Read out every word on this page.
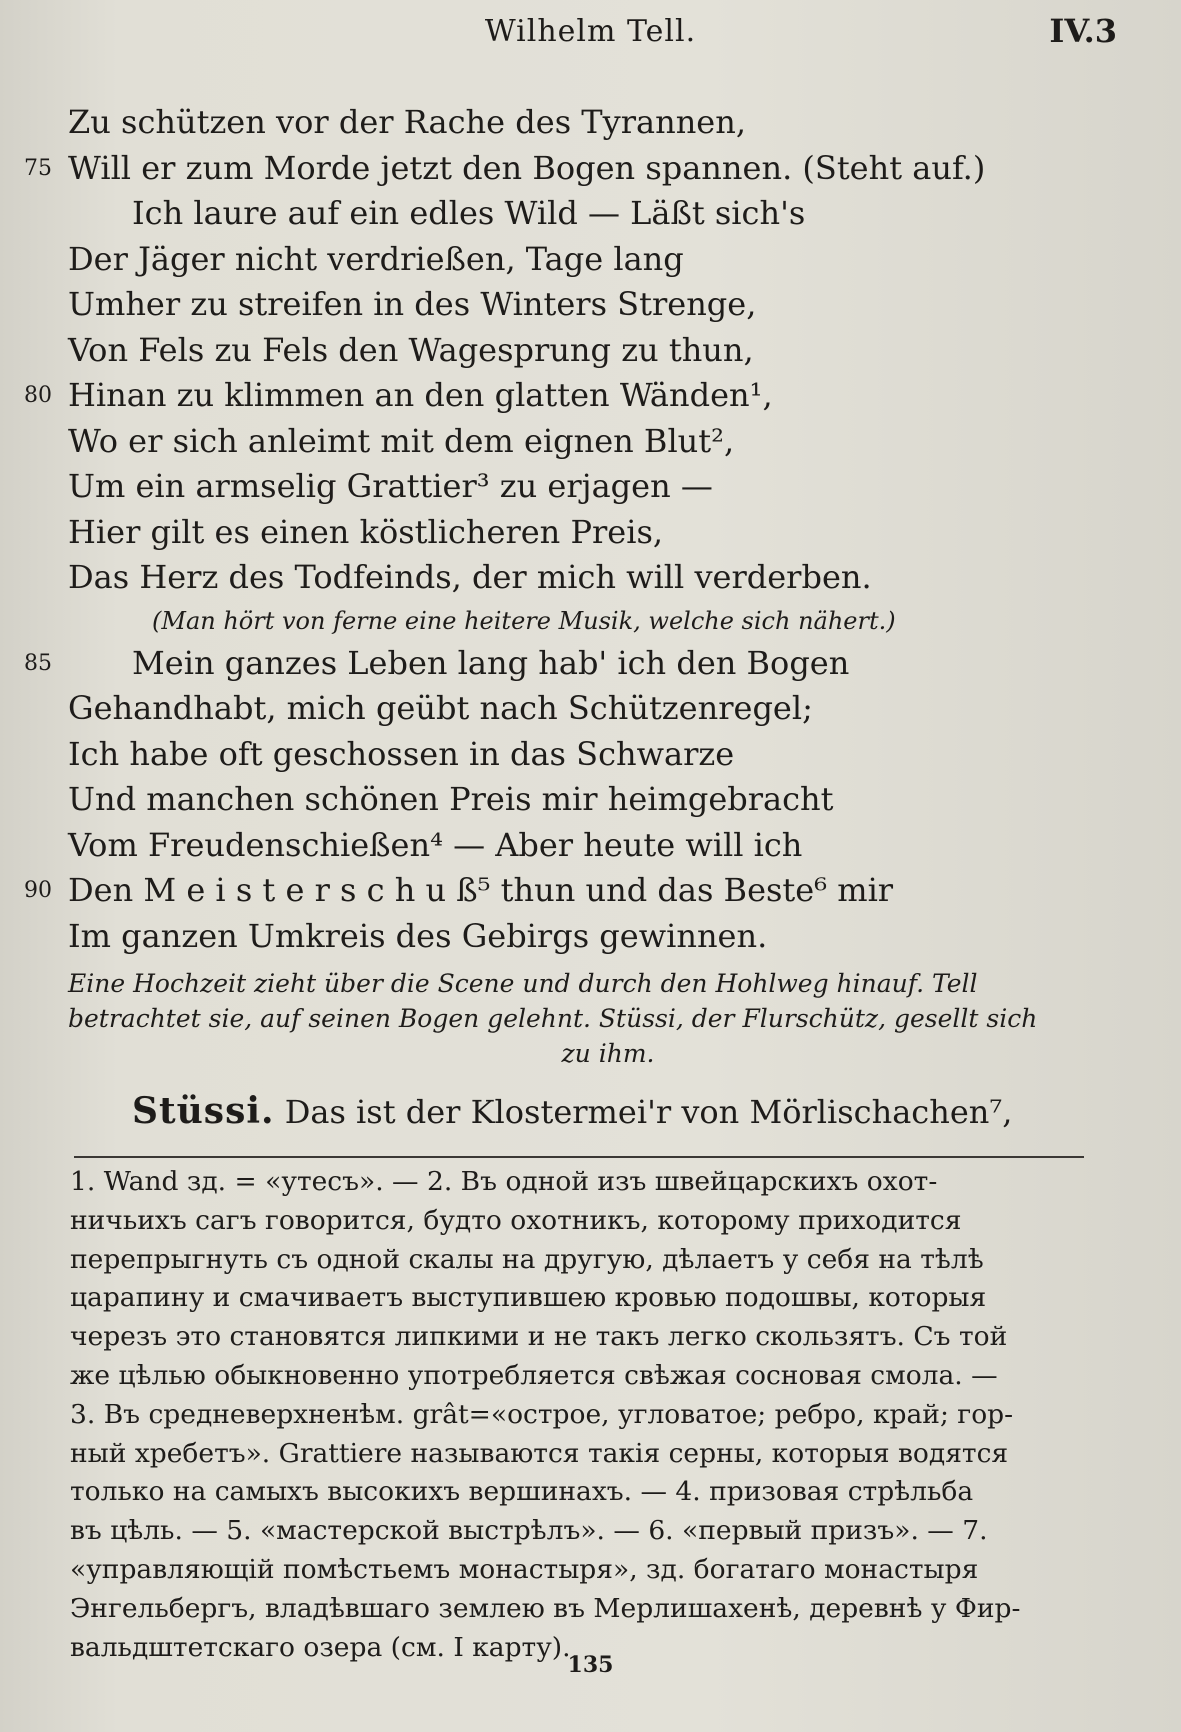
Wilhelm Tell.	IV.3
Zu schützen vor der Rache des Tyrannen,
75 Will er zum Morde jetzt den Bogen spannen. (Steht auf.)
Ich laure auf ein edles Wild — Läßt sich's
Der Jäger nicht verdrießen, Tage lang
Umher zu streifen in des Winters Strenge,
Von Fels zu Fels den Wagesprung zu thun,
80 Hinan zu klimmen an den glatten Wänden¹,
Wo er sich anleimt mit dem eignen Blut²,
Um ein armselig Grattier³ zu erjagen —
Hier gilt es einen köstlicheren Preis,
Das Herz des Todfeinds, der mich will verderben.
(Man hört von ferne eine heitere Musik, welche sich nähert.)
85	Mein ganzes Leben lang hab' ich den Bogen
Gehandhabt, mich geübt nach Schützenregel;
Ich habe oft geschossen in das Schwarze
Und manchen schönen Preis mir heimgebracht
Vom Freudenschießen⁴ — Aber heute will ich
90 Den M e i s t e r s c h u ß⁵ thun und das Beste⁶ mir
Im ganzen Umkreis des Gebirgs gewinnen.
Eine Hochzeit zieht über die Scene und durch den Hohlweg hinauf. Tell
betrachtet sie, auf seinen Bogen gelehnt. Stüssi, der Flurschütz, gesellt sich
zu ihm.
Stüssi. Das ist der Klostermei'r von Mörlischachen⁷,
1. Wand зд. = «утесъ». — 2. Въ одной изъ швейцарскихъ охот-
ничьихъ сагъ говорится, будто охотникъ, которому приходится
перепрыгнуть съ одной скалы на другую, дѣлаетъ у себя на тѣлѣ
царапину и смачиваетъ выступившею кровью подошвы, которыя
черезъ это становятся липкими и не такъ легко скользятъ. Съ той
же цѣлью обыкновенно употребляется свѣжая сосновая смола. —
3. Въ средневерхненѣм. grât=«острое, угловатое; ребро, край; гор-
ный хребетъ». Grattiere называются такія серны, которыя водятся
только на самыхъ высокихъ вершинахъ. — 4. призовая стрѣльба
въ цѣль. — 5. «мастерской выстрѣлъ». — 6. «первый призъ». — 7.
«управляющій помѣстьемъ монастыря», зд. богатаго монастыря
Энгельбергъ, владѣвшаго землею въ Мерлишахенѣ, деревнѣ у Фир-
вальдштетскаго озера (см. I карту).
135
